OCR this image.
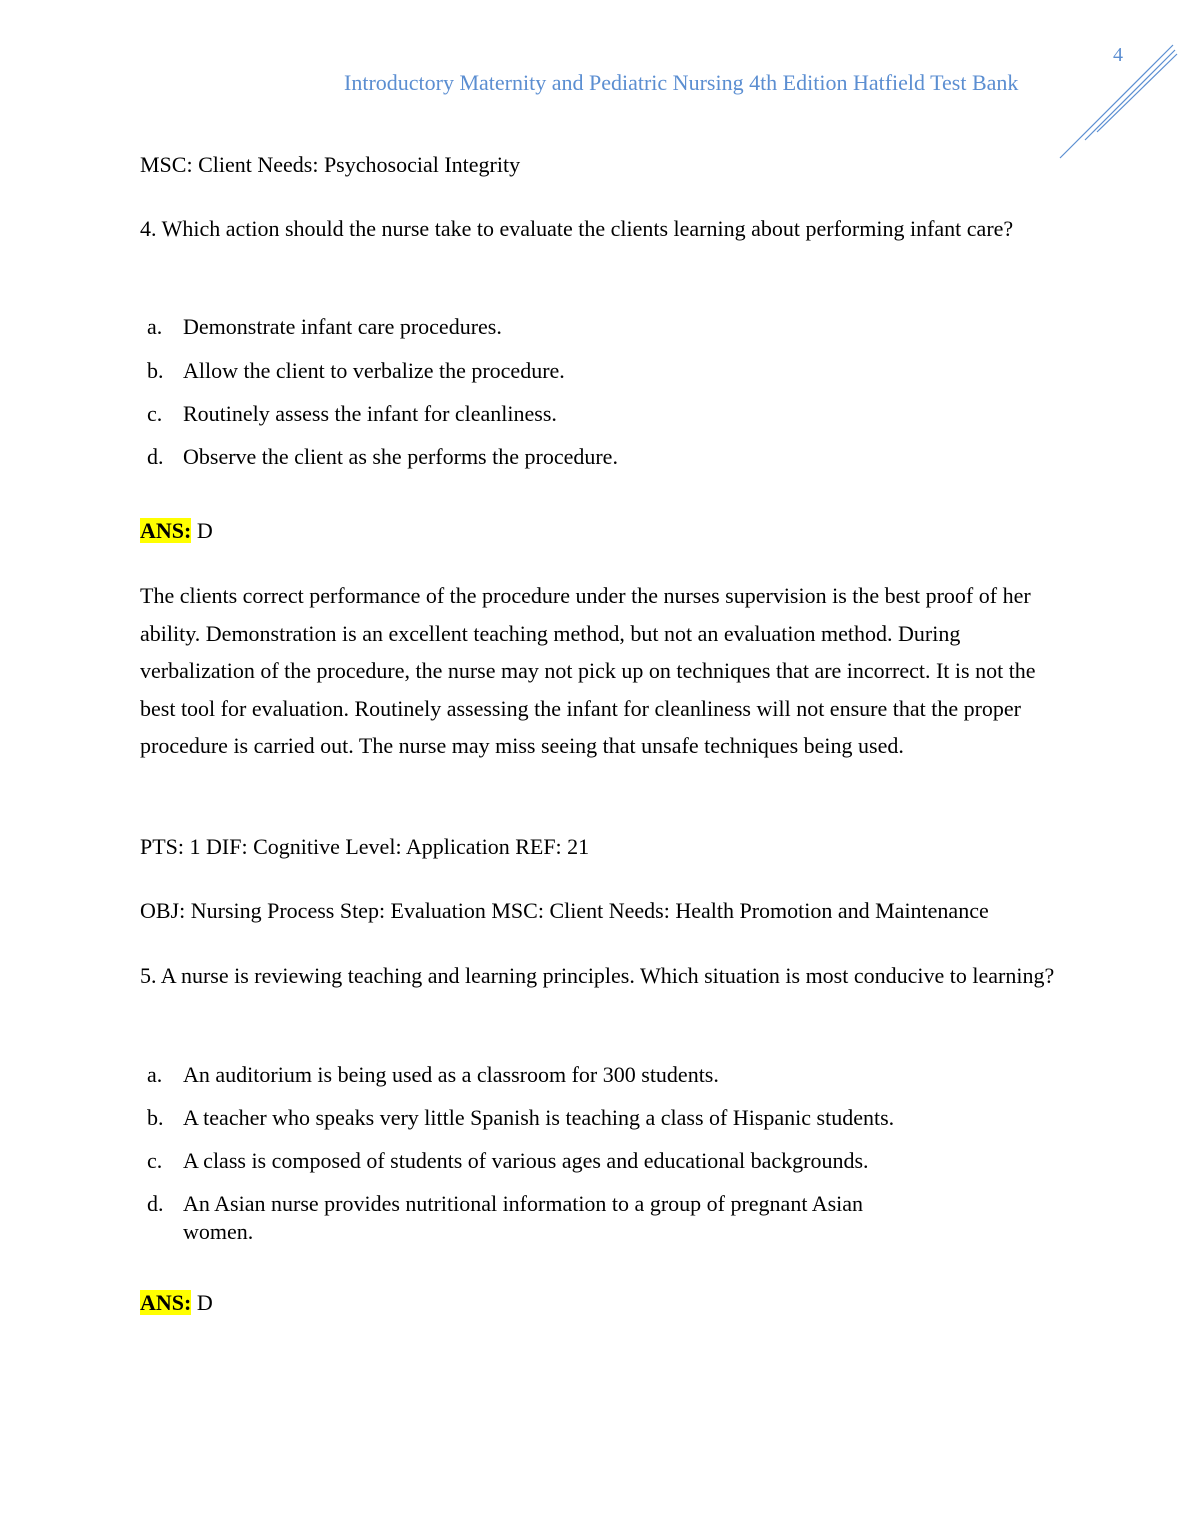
4
Introductory Maternity and Pediatric Nursing 4th Edition Hatfield Test Bank
MSC: Client Needs: Psychosocial Integrity
4. Which action should the nurse take to evaluate the clients learning about performing infant care?
a. Demonstrate infant care procedures.
b. Allow the client to verbalize the procedure.
c. Routinely assess the infant for cleanliness.
d. Observe the client as she performs the procedure.
ANS: D
The clients correct performance of the procedure under the nurses supervision is the best proof of her ability. Demonstration is an excellent teaching method, but not an evaluation method. During verbalization of the procedure, the nurse may not pick up on techniques that are incorrect. It is not the best tool for evaluation. Routinely assessing the infant for cleanliness will not ensure that the proper procedure is carried out. The nurse may miss seeing that unsafe techniques being used.
PTS: 1 DIF: Cognitive Level: Application REF: 21
OBJ: Nursing Process Step: Evaluation MSC: Client Needs: Health Promotion and Maintenance
5. A nurse is reviewing teaching and learning principles. Which situation is most conducive to learning?
a. An auditorium is being used as a classroom for 300 students.
b. A teacher who speaks very little Spanish is teaching a class of Hispanic students.
c. A class is composed of students of various ages and educational backgrounds.
d. An Asian nurse provides nutritional information to a group of pregnant Asian women.
ANS: D
